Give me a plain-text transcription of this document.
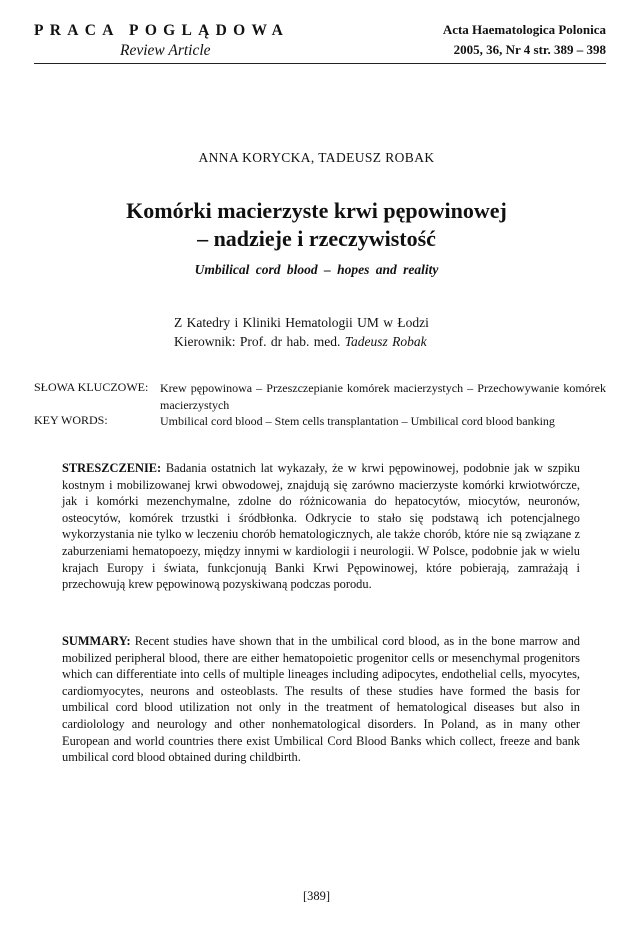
PRACA POGLĄDOWA
Review Article
Acta Haematologica Polonica
2005, 36, Nr 4 str. 389 – 398
ANNA KORYCKA, TADEUSZ ROBAK
Komórki macierzyste krwi pępowinowej
– nadzieje i rzeczywistość
Umbilical cord blood – hopes and reality
Z Katedry i Kliniki Hematologii UM w Łodzi
Kierownik: Prof. dr hab. med. Tadeusz Robak
SŁOWA KLUCZOWE: Krew pępowinowa – Przeszczepianie komórek macierzystych – Przechowywanie komórek macierzystych
KEY WORDS:	Umbilical cord blood – Stem cells transplantation – Umbilical cord blood banking
STRESZCZENIE: Badania ostatnich lat wykazały, że w krwi pępowinowej, podobnie jak w szpiku kostnym i mobilizowanej krwi obwodowej, znajdują się zarówno macierzyste komórki krwiotwórcze, jak i komórki mezenchymalne, zdolne do różnicowania do hepatocytów, miocytów, neuronów, osteocytów, komórek trzustki i śródbłonka. Odkrycie to stało się podstawą ich potencjalnego wykorzystania nie tylko w leczeniu chorób hematologicznych, ale także chorób, które nie są związane z zaburzeniami hematopoezy, między innymi w kardiologii i neurologii. W Polsce, podobnie jak w wielu krajach Europy i świata, funkcjonują Banki Krwi Pępowinowej, które pobierają, zamrażają i przechowują krew pępowinową pozyskiwaną podczas porodu.
SUMMARY: Recent studies have shown that in the umbilical cord blood, as in the bone marrow and mobilized peripheral blood, there are either hematopoietic progenitor cells or mesenchymal progenitors which can differentiate into cells of multiple lineages including adipocytes, endothelial cells, myocytes, cardiomyocytes, neurons and osteoblasts. The results of these studies have formed the basis for umbilical cord blood utilization not only in the treatment of hematological diseases but also in cardiolology and neurology and other nonhematological disorders. In Poland, as in many other European and world countries there exist Umbilical Cord Blood Banks which collect, freeze and bank umbilical cord blood obtained during childbirth.
[389]
